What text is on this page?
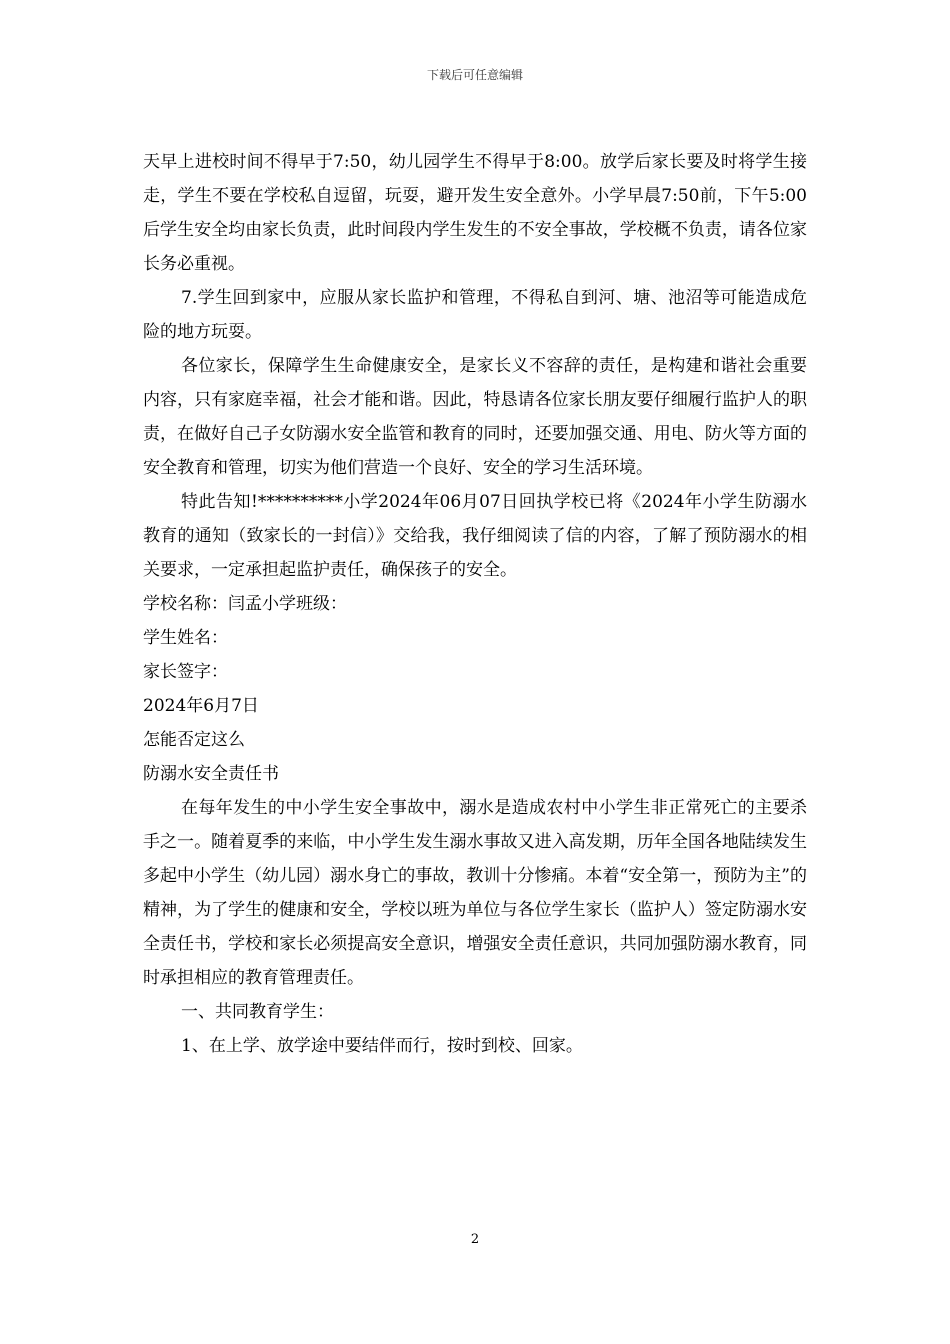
下载后可任意编辑

天早上进校时间不得早于7:50，幼儿园学生不得早于8:00。放学后家长要及时将学生接走，学生不要在学校私自逗留，玩耍，避开发生安全意外。小学早晨7:50前，下午5:00后学生安全均由家长负责，此时间段内学生发生的不安全事故，学校概不负责，请各位家长务必重视。

7.学生回到家中，应服从家长监护和管理，不得私自到河、塘、池沼等可能造成危险的地方玩耍。

各位家长，保障学生生命健康安全，是家长义不容辞的责任，是构建和谐社会重要内容，只有家庭幸福，社会才能和谐。因此，特恳请各位家长朋友要仔细履行监护人的职责，在做好自己子女防溺水安全监管和教育的同时，还要加强交通、用电、防火等方面的安全教育和管理，切实为他们营造一个良好、安全的学习生活环境。

特此告知!**********小学2024年06月07日回执学校已将《2024年小学生防溺水教育的通知（致家长的一封信）》交给我，我仔细阅读了信的内容，了解了预防溺水的相关要求，一定承担起监护责任，确保孩子的安全。

学校名称：闫孟小学班级：

学生姓名：

家长签字：

2024年6月7日

怎能否定这么

防溺水安全责任书

在每年发生的中小学生安全事故中，溺水是造成农村中小学生非正常死亡的主要杀手之一。随着夏季的来临，中小学生发生溺水事故又进入高发期，历年全国各地陆续发生多起中小学生（幼儿园）溺水身亡的事故，教训十分惨痛。本着“安全第一，预防为主”的精神，为了学生的健康和安全，学校以班为单位与各位学生家长（监护人）签定防溺水安全责任书，学校和家长必须提高安全意识，增强安全责任意识，共同加强防溺水教育，同时承担相应的教育管理责任。

一、共同教育学生：

1、在上学、放学途中要结伴而行，按时到校、回家。

2
